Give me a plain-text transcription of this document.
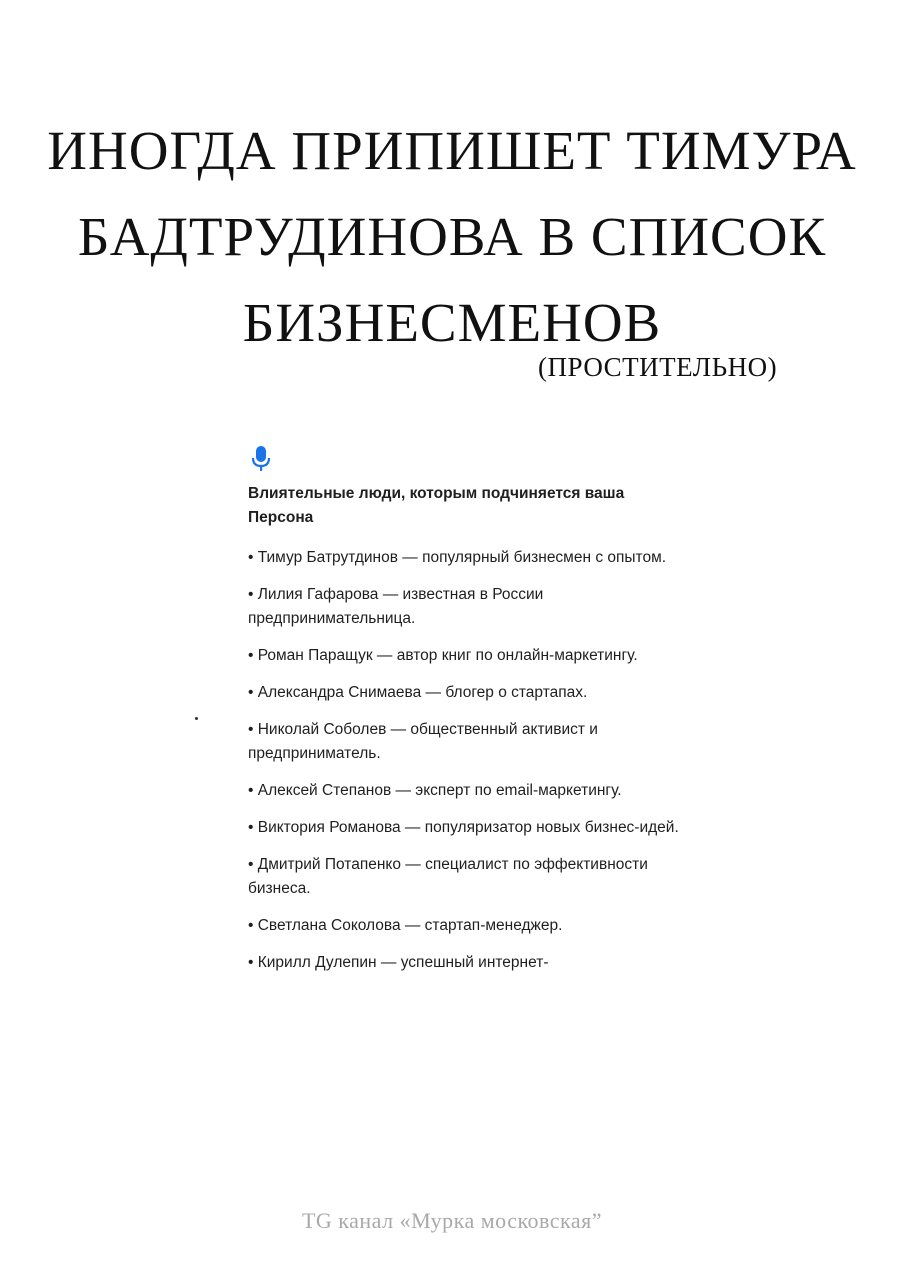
ИНОГДА ПРИПИШЕТ ТИМУРА
БАДТРУДИНОВА В СПИСОК
БИЗНЕСМЕНОВ
(ПРОСТИТЕЛЬНО)
Влиятельные люди, которым подчиняется ваша Персона
• Тимур Батрутдинов — популярный бизнесмен с опытом.
• Лилия Гафарова — известная в России предпринимательница.
• Роман Паращук — автор книг по онлайн-маркетингу.
• Александра Снимаева — блогер о стартапах.
• Николай Соболев — общественный активист и предприниматель.
• Алексей Степанов — эксперт по email-маркетингу.
• Виктория Романова — популяризатор новых бизнес-идей.
• Дмитрий Потапенко — специалист по эффективности бизнеса.
• Светлана Соколова — стартап-менеджер.
• Кирилл Дулепин — успешный интернет-
TG канал «Мурка московская”
